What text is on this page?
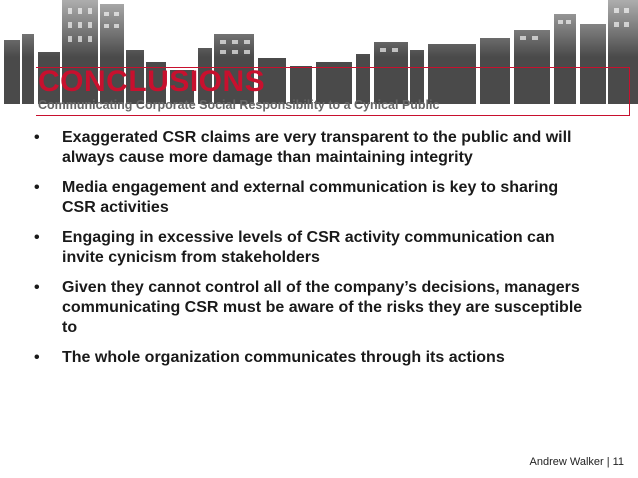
CONCLUSIONS

Communicating Corporate Social Responsibility to a Cynical Public

• Exaggerated CSR claims are very transparent to the public and will always cause more damage than maintaining integrity
• Media engagement and external communication is key to sharing CSR activities
• Engaging in excessive levels of CSR activity communication can invite cynicism from stakeholders
• Given they cannot control all of the company’s decisions, managers communicating CSR must be aware of the risks they are susceptible to
• The whole organization communicates through its actions
Andrew Walker | 11
